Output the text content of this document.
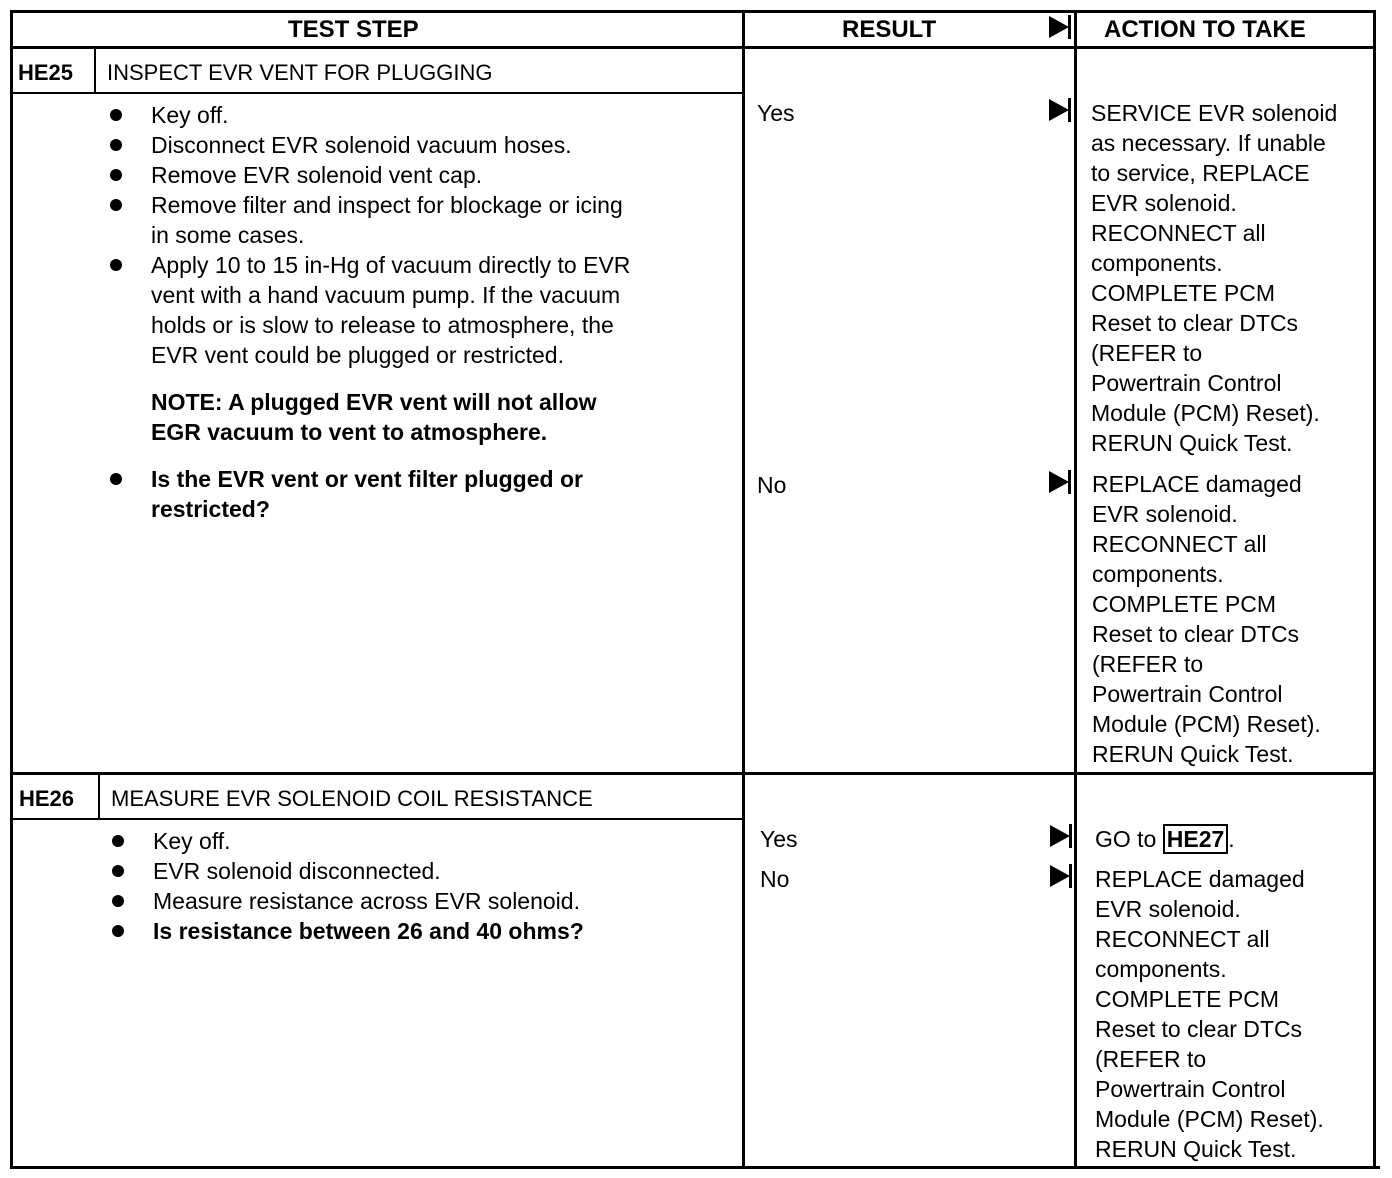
TEST STEP	RESULT	ACTION TO TAKE
HE25 INSPECT EVR VENT FOR PLUGGING
Key off.
Disconnect EVR solenoid vacuum hoses.
Remove EVR solenoid vent cap.
Remove filter and inspect for blockage or icing
in some cases.
Apply 10 to 15 in-Hg of vacuum directly to EVR
vent with a hand vacuum pump. If the vacuum
holds or is slow to release to atmosphere, the
EVR vent could be plugged or restricted.
NOTE: A plugged EVR vent will not allow
EGR vacuum to vent to atmosphere.
Is the EVR vent or vent filter plugged or
restricted?
Yes	SERVICE EVR solenoid
as necessary. If unable
to service, REPLACE
EVR solenoid.
RECONNECT all
components.
COMPLETE PCM
Reset to clear DTCs
(REFER to
Powertrain Control
Module (PCM) Reset).
RERUN Quick Test.
No	REPLACE damaged
EVR solenoid.
RECONNECT all
components.
COMPLETE PCM
Reset to clear DTCs
(REFER to
Powertrain Control
Module (PCM) Reset).
RERUN Quick Test.
HE26 MEASURE EVR SOLENOID COIL RESISTANCE
Key off.
EVR solenoid disconnected.
Measure resistance across EVR solenoid.
Is resistance between 26 and 40 ohms?
Yes	GO to HE27 .
No	REPLACE damaged
EVR solenoid.
RECONNECT all
components.
COMPLETE PCM
Reset to clear DTCs
(REFER to
Powertrain Control
Module (PCM) Reset).
RERUN Quick Test.
